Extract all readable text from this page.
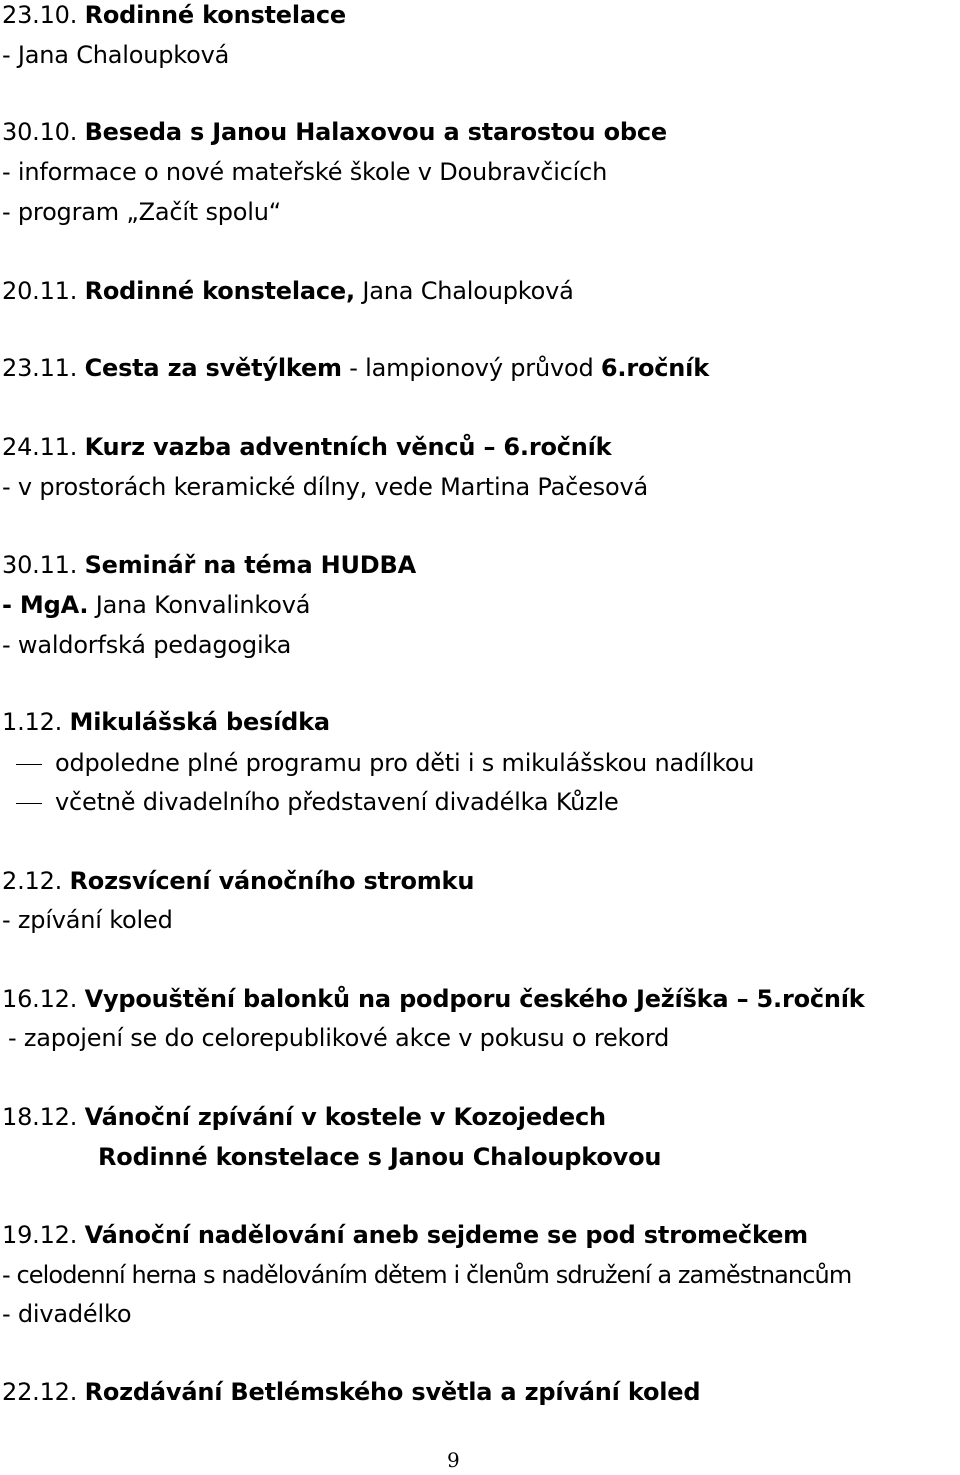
23.10. Rodinné konstelace
- Jana Chaloupková
30.10. Beseda s Janou Halaxovou a starostou obce
- informace o nové mateřské škole v Doubravčicích
- program „Začít spolu“
20.11. Rodinné konstelace, Jana Chaloupková
23.11. Cesta za světýlkem - lampionový průvod 6.ročník
24.11. Kurz vazba adventních věnců – 6.ročník
- v prostorách keramické dílny, vede Martina Pačesová
30.11. Seminář na téma HUDBA
- MgA. Jana Konvalinková
- waldorfská pedagogika
1.12. Mikulášská besídka
odpoledne plné programu pro děti i s mikulášskou nadílkou
včetně divadelního představení divadélka Kůzle
2.12. Rozsvícení vánočního stromku
- zpívání koled
16.12. Vypouštění balonků na podporu českého Ježíška – 5.ročník
- zapojení se do celorepublikové akce v pokusu o rekord
18.12. Vánoční zpívání v kostele v Kozojedech
Rodinné konstelace s Janou Chaloupkovou
19.12. Vánoční nadělování aneb sejdeme se pod stromečkem
- celodenní herna s nadělováním dětem i členům sdružení a zaměstnancům
- divadélko
22.12. Rozdávání Betlémského světla a zpívání koled
9
